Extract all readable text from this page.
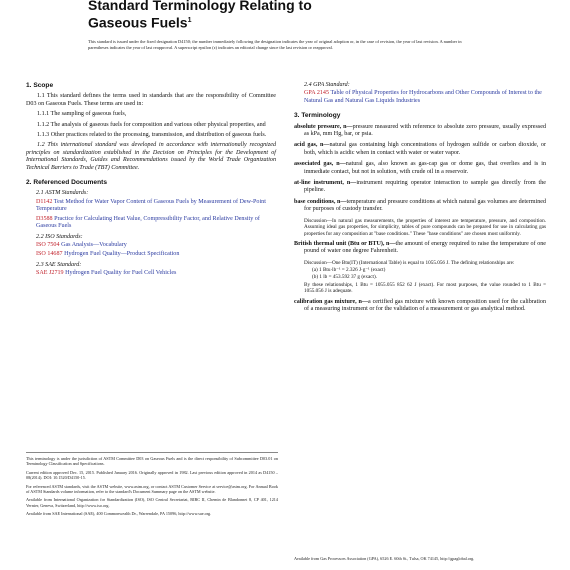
Standard Terminology Relating to
Gaseous Fuels$^1$
This standard is issued under the fixed designation D4150; the number immediately following the designation indicates the year of original adoption or, in the case of revision, the year of last revision. A number in parentheses indicates the year of last reapproval. A superscript epsilon (ε) indicates an editorial change since the last revision or reapproval.
1. Scope
1.1 This standard defines the terms used in standards that are the responsibility of Committee D03 on Gaseous Fuels. These terms are used in:
1.1.1 The sampling of gaseous fuels,
1.1.2 The analysis of gaseous fuels for composition and various other physical properties, and
1.1.3 Other practices related to the processing, transmission, and distribution of gaseous fuels.
1.2 This international standard was developed in accordance with internationally recognized principles on standardization established in the Decision on Principles for the Development of International Standards, Guides and Recommendations issued by the World Trade Organization Technical Barriers to Trade (TBT) Committee.
2. Referenced Documents
2.1 ASTM Standards:
D1142 Test Method for Water Vapor Content of Gaseous Fuels by Measurement of Dew-Point Temperature
D3588 Practice for Calculating Heat Value, Compressibility Factor, and Relative Density of Gaseous Fuels
2.2 ISO Standards:
ISO 7504 Gas Analysis—Vocabulary
ISO 14687 Hydrogen Fuel Quality—Product Specification
2.3 SAE Standard:
SAE J2719 Hydrogen Fuel Quality for Fuel Cell Vehicles
This terminology is under the jurisdiction of ASTM Committee D03 on Gaseous Fuels and is the direct responsibility of Subcommittee D03.01 on Terminology Classification and Specifications.
Current edition approved Dec. 15, 2015. Published January 2016. Originally approved in 1982. Last previous edition approved in 2014 as D4150 – 08(2014). DOI: 10.1520/D4150-15.
For referenced ASTM standards, visit the ASTM website, www.astm.org, or contact ASTM Customer Service at service@astm.org. For Annual Book of ASTM Standards volume information, refer to the standard's Document Summary page on the ASTM website.
Available from International Organization for Standardization (ISO), ISO Central Secretariat, BIBC II, Chemin de Blandonnet 8, CP 401, 1214 Vernier, Geneva, Switzerland, http://www.iso.org.
Available from SAE International (SAE), 400 Commonwealth Dr., Warrendale, PA 15096, http://www.sae.org.
2.4 GPA Standard:
GPA 2145 Table of Physical Properties for Hydrocarbons and Other Compounds of Interest to the Natural Gas and Natural Gas Liquids Industries
3. Terminology
absolute pressure, n—pressure measured with reference to absolute zero pressure, usually expressed as kPa, mm Hg, bar, or psia.
acid gas, n—natural gas containing high concentrations of hydrogen sulfide or carbon dioxide, or both, which is acidic when in contact with water or water vapor.
associated gas, n—natural gas, also known as gas-cap gas or dome gas, that overlies and is in immediate contact, but not in solution, with crude oil in a reservoir.
at-line instrument, n—instrument requiring operator interaction to sample gas directly from the pipeline.
base conditions, n—temperature and pressure conditions at which natural gas volumes are determined for purposes of custody transfer.
Discussion—In natural gas measurements, the properties of interest are temperature, pressure, and composition. Assuming ideal gas properties, for simplicity, tables of pure compounds can be prepared for use in calculating gas properties for any composition at "base conditions." These "base conditions" are chosen most uniformly.
British thermal unit (Btu or BTU), n—the amount of energy required to raise the temperature of one pound of water one degree Fahrenheit.
Discussion—One Btu(IT) (International Table) is equal to 1055.056 J. The defining relationships are:
(a) 1 Btu·lb⁻¹ = 2.326 J·g⁻¹ (exact)
(b) 1 lb = 453.592 37 g (exact).
By these relationships, 1 Btu = 1055.055 852 62 J (exact). For most purposes, the value rounded to 1 Btu = 1055.056 J is adequate.
calibration gas mixture, n—a certified gas mixture with known composition used for the calibration of a measuring instrument or for the validation of a measurement or gas analytical method.
Available from Gas Processors Association (GPA), 6526 E. 60th St., Tulsa, OK 74145, http://gpaglobal.org.
